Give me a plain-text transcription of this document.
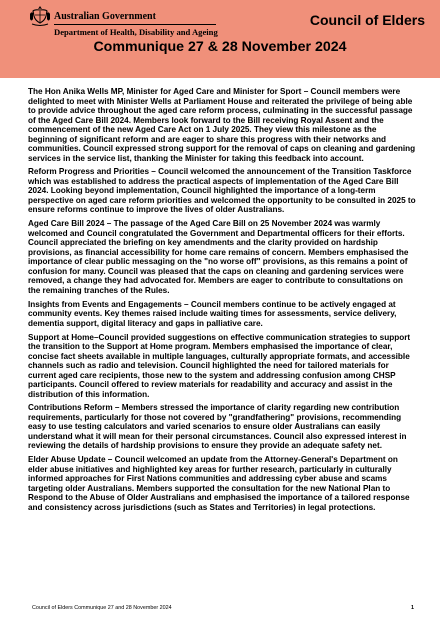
Australian Government
Department of Health, Disability and Ageing
Council of Elders
Communique 27 & 28 November 2024

The Hon Anika Wells MP, Minister for Aged Care and Minister for Sport – Council members were delighted to meet with Minister Wells at Parliament House and reiterated the privilege of being able to provide advice throughout the aged care reform process, culminating in the successful passage of the Aged Care Bill 2024. Members look forward to the Bill receiving Royal Assent and the commencement of the new Aged Care Act on 1 July 2025. They view this milestone as the beginning of significant reform and are eager to share this progress with their networks and communities. Council expressed strong support for the removal of caps on cleaning and gardening services in the service list, thanking the Minister for taking this feedback into account.

Reform Progress and Priorities – Council welcomed the announcement of the Transition Taskforce which was established to address the practical aspects of implementation of the Aged Care Bill 2024. Looking beyond implementation, Council highlighted the importance of a long-term perspective on aged care reform priorities and welcomed the opportunity to be consulted in 2025 to ensure reforms continue to improve the lives of older Australians.

Aged Care Bill 2024 – The passage of the Aged Care Bill on 25 November 2024 was warmly welcomed and Council congratulated the Government and Departmental officers for their efforts. Council appreciated the briefing on key amendments and the clarity provided on hardship provisions, as financial accessibility for home care remains of concern. Members emphasised the importance of clear public messaging on the "no worse off" provisions, as this remains a point of confusion for many. Council was pleased that the caps on cleaning and gardening services were removed, a change they had advocated for. Members are eager to contribute to consultations on the remaining tranches of the Rules.

Insights from Events and Engagements – Council members continue to be actively engaged at community events. Key themes raised include waiting times for assessments, service delivery, dementia support, digital literacy and gaps in palliative care.

Support at Home–Council provided suggestions on effective communication strategies to support the transition to the Support at Home program. Members emphasised the importance of clear, concise fact sheets available in multiple languages, culturally appropriate formats, and accessible channels such as radio and television. Council highlighted the need for tailored materials for current aged care recipients, those new to the system and addressing confusion among CHSP participants. Council offered to review materials for readability and accuracy and assist in the distribution of this information.

Contributions Reform – Members stressed the importance of clarity regarding new contribution requirements, particularly for those not covered by "grandfathering" provisions, recommending easy to use testing calculators and varied scenarios to ensure older Australians can easily understand what it will mean for their personal circumstances. Council also expressed interest in reviewing the details of hardship provisions to ensure they provide an adequate safety net.

Elder Abuse Update – Council welcomed an update from the Attorney-General's Department on elder abuse initiatives and highlighted key areas for further research, particularly in culturally informed approaches for First Nations communities and addressing cyber abuse and scams targeting older Australians. Members supported the consultation for the new National Plan to Respond to the Abuse of Older Australians and emphasised the importance of a tailored response and consistency across jurisdictions (such as States and Territories) in legal protections.

Council of Elders Communique 27 and 28 November 2024	1
